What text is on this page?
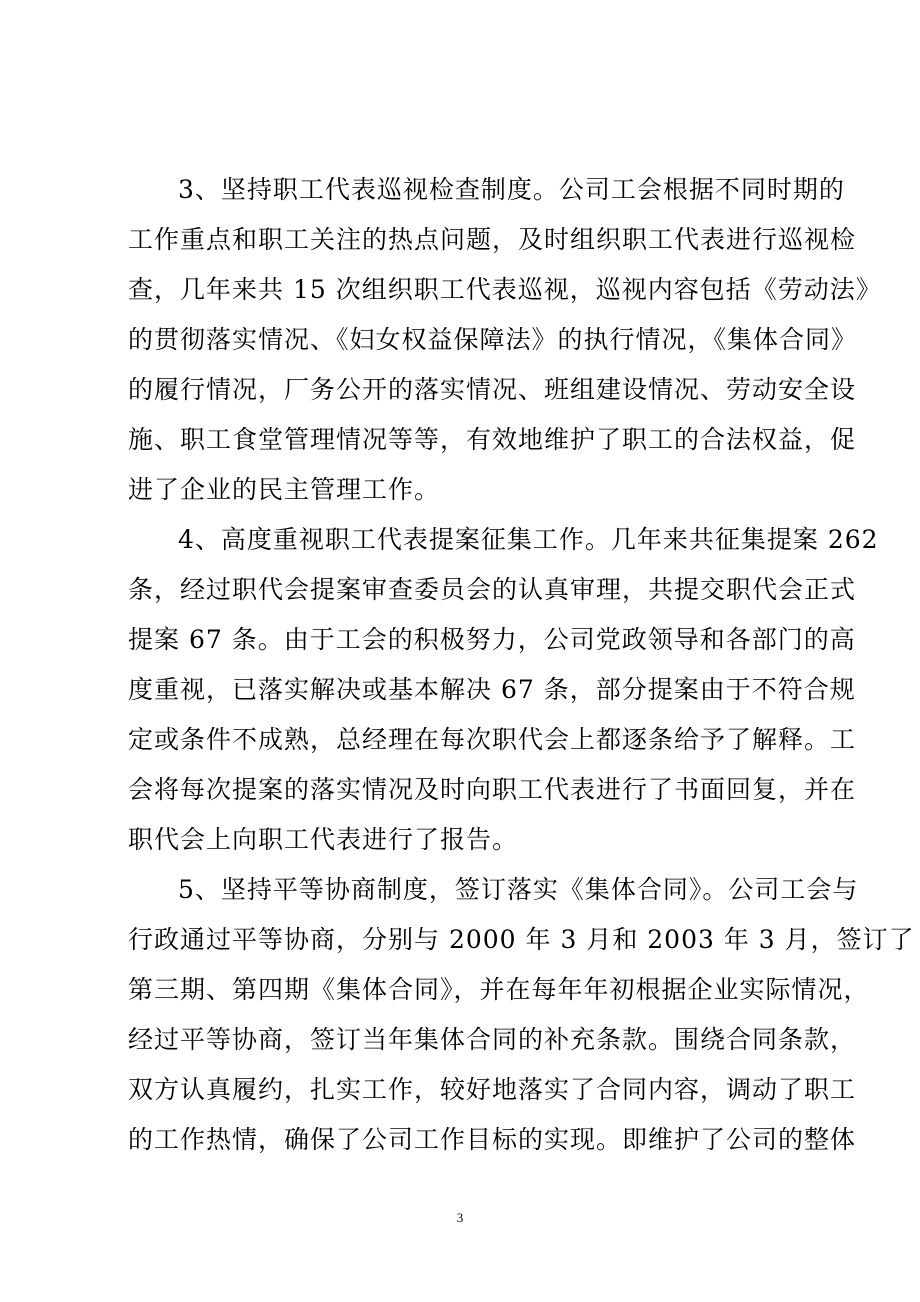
3、坚持职工代表巡视检查制度。公司工会根据不同时期的
工作重点和职工关注的热点问题，及时组织职工代表进行巡视检
查，几年来共 15 次组织职工代表巡视，巡视内容包括《劳动法》
的贯彻落实情况、《妇女权益保障法》的执行情况，《集体合同》
的履行情况，厂务公开的落实情况、班组建设情况、劳动安全设
施、职工食堂管理情况等等，有效地维护了职工的合法权益，促
进了企业的民主管理工作。
4、高度重视职工代表提案征集工作。几年来共征集提案 262
条，经过职代会提案审查委员会的认真审理，共提交职代会正式
提案 67 条。由于工会的积极努力，公司党政领导和各部门的高
度重视，已落实解决或基本解决 67 条，部分提案由于不符合规
定或条件不成熟，总经理在每次职代会上都逐条给予了解释。工
会将每次提案的落实情况及时向职工代表进行了书面回复，并在
职代会上向职工代表进行了报告。
5、坚持平等协商制度，签订落实《集体合同》。公司工会与
行政通过平等协商，分别与 2000 年 3 月和 2003 年 3 月，签订了
第三期、第四期《集体合同》，并在每年年初根据企业实际情况，
经过平等协商，签订当年集体合同的补充条款。围绕合同条款，
双方认真履约，扎实工作，较好地落实了合同内容，调动了职工
的工作热情，确保了公司工作目标的实现。即维护了公司的整体
3
